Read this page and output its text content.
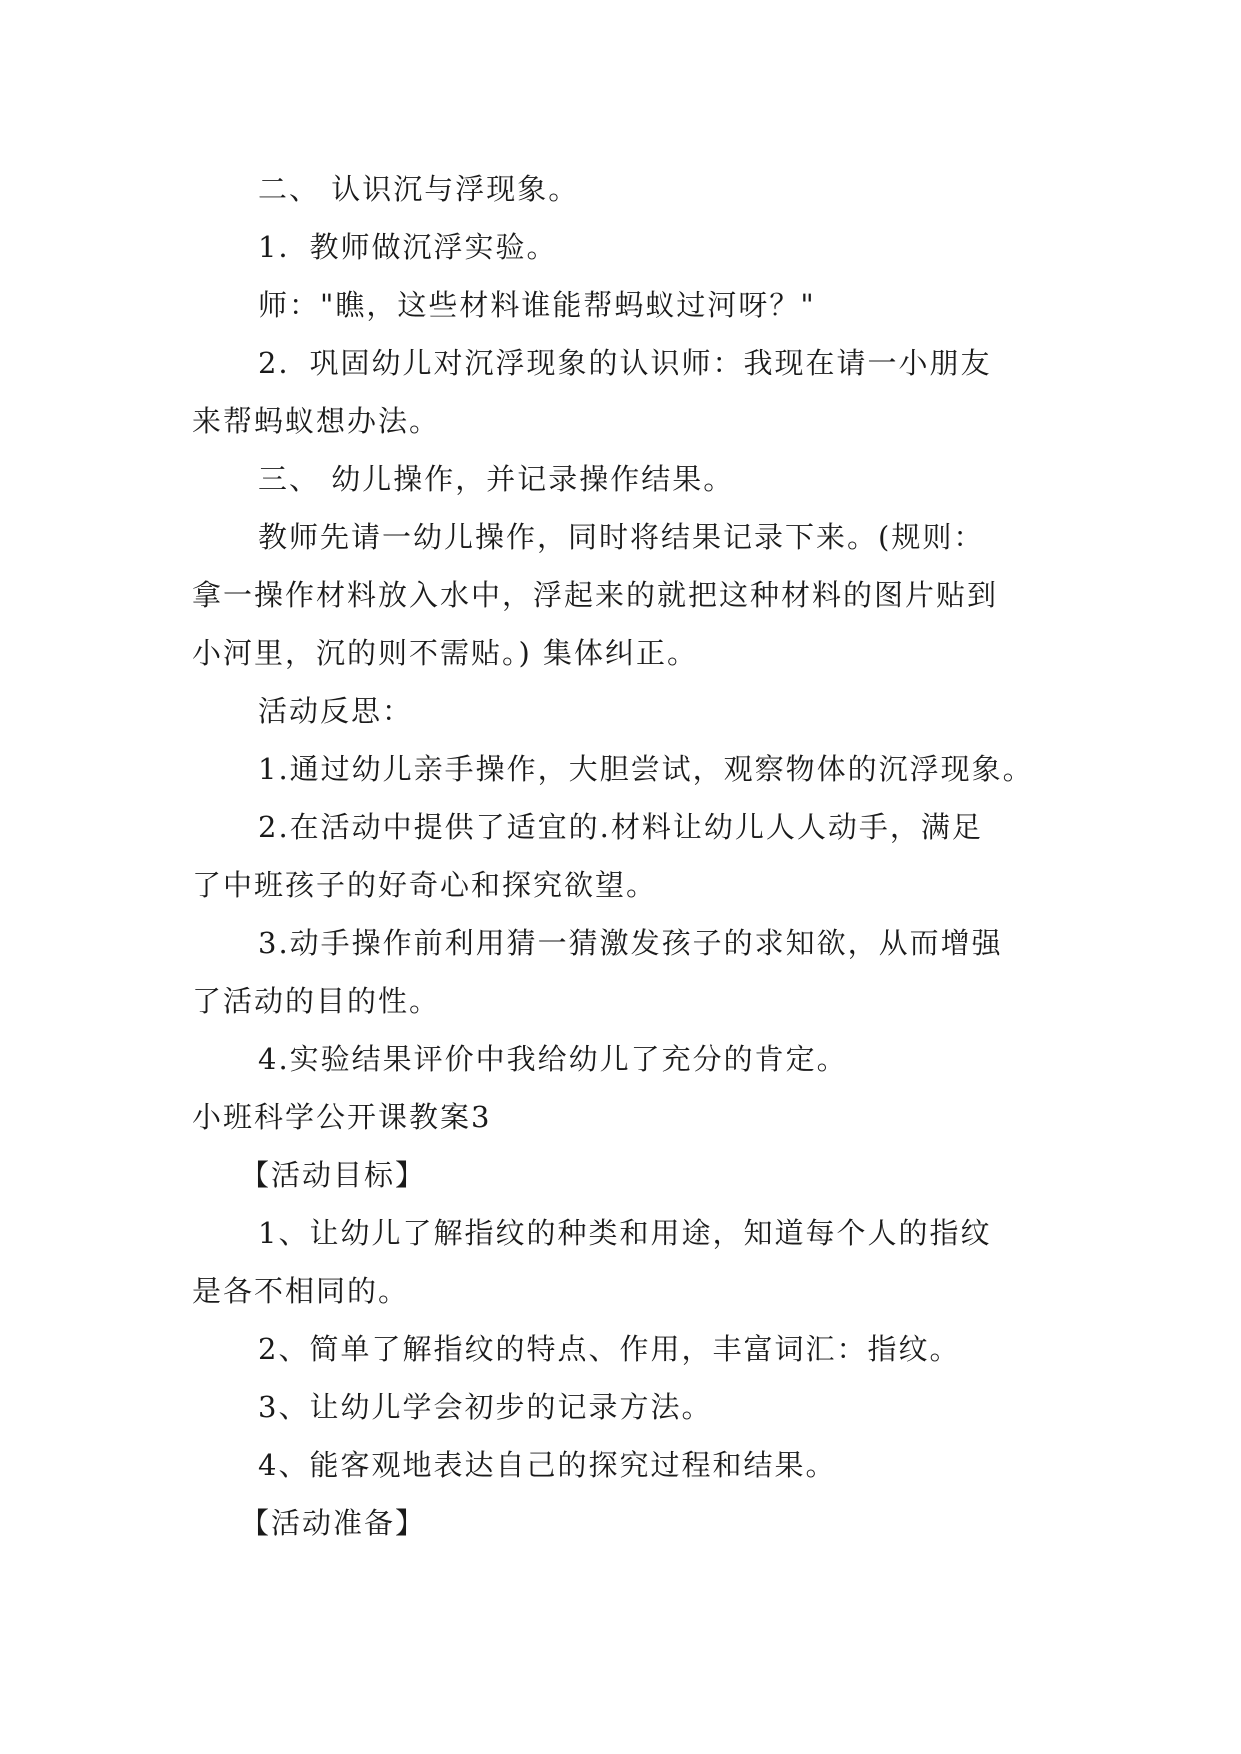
二、 认识沉与浮现象。
1．教师做沉浮实验。
师："瞧，这些材料谁能帮蚂蚁过河呀？"
2．巩固幼儿对沉浮现象的认识师：我现在请一小朋友
来帮蚂蚁想办法。
三、 幼儿操作，并记录操作结果。
教师先请一幼儿操作，同时将结果记录下来。(规则：
拿一操作材料放入水中，浮起来的就把这种材料的图片贴到
小河里，沉的则不需贴。) 集体纠正。
活动反思：
1.通过幼儿亲手操作，大胆尝试，观察物体的沉浮现象。
2.在活动中提供了适宜的.材料让幼儿人人动手，满足
了中班孩子的好奇心和探究欲望。
3.动手操作前利用猜一猜激发孩子的求知欲，从而增强
了活动的目的性。
4.实验结果评价中我给幼儿了充分的肯定。
小班科学公开课教案3
【活动目标】
1、让幼儿了解指纹的种类和用途，知道每个人的指纹
是各不相同的。
2、简单了解指纹的特点、作用，丰富词汇：指纹。
3、让幼儿学会初步的记录方法。
4、能客观地表达自己的探究过程和结果。
【活动准备】
